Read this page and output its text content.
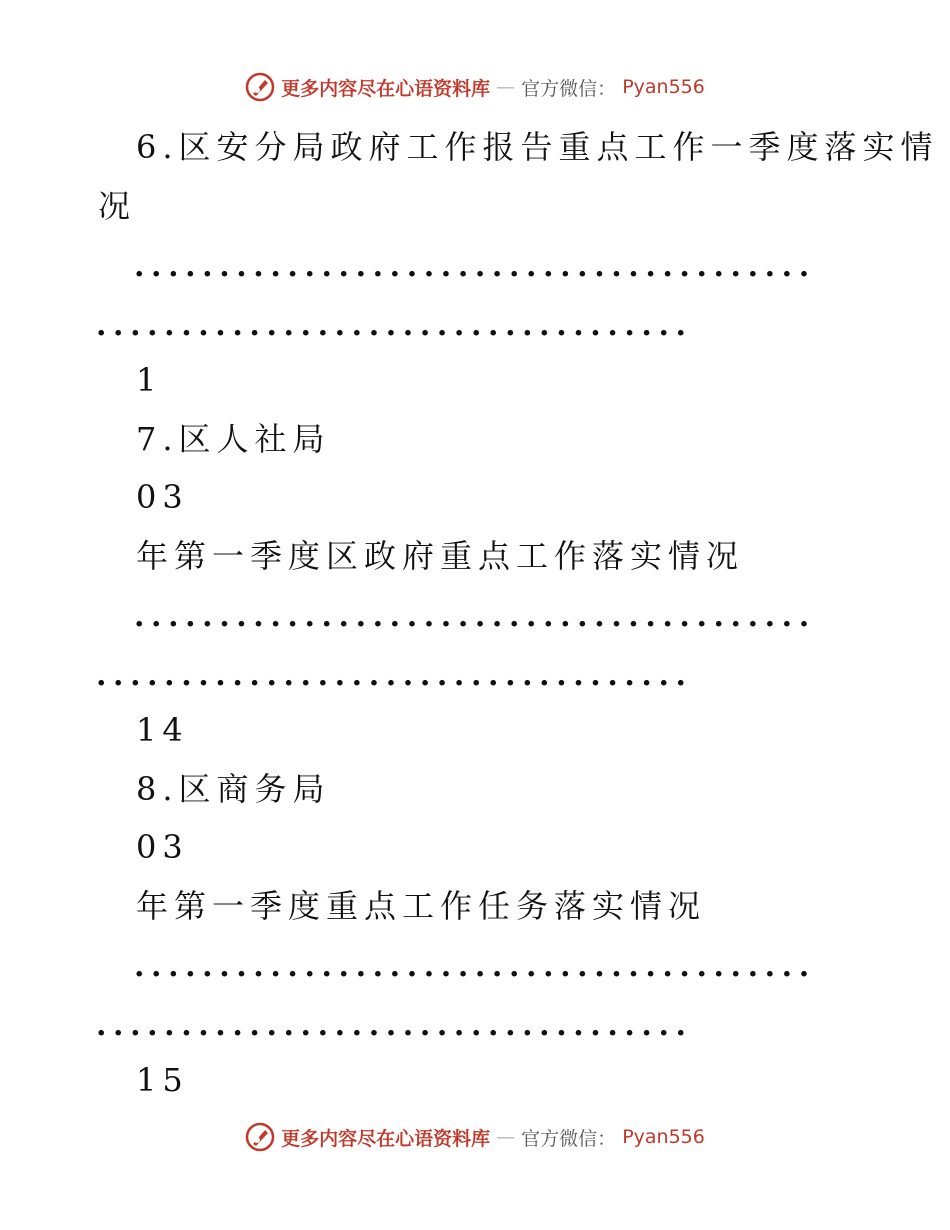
更多内容尽在心语资料库 — 官方微信： Pyan556
6.区安分局政府工作报告重点工作一季度落实情
况
........................................
...................................
1
7.区人社局
03
年第一季度区政府重点工作落实情况
........................................
...................................
14
8.区商务局
03
年第一季度重点工作任务落实情况
........................................
...................................
15
更多内容尽在心语资料库 — 官方微信： Pyan556
